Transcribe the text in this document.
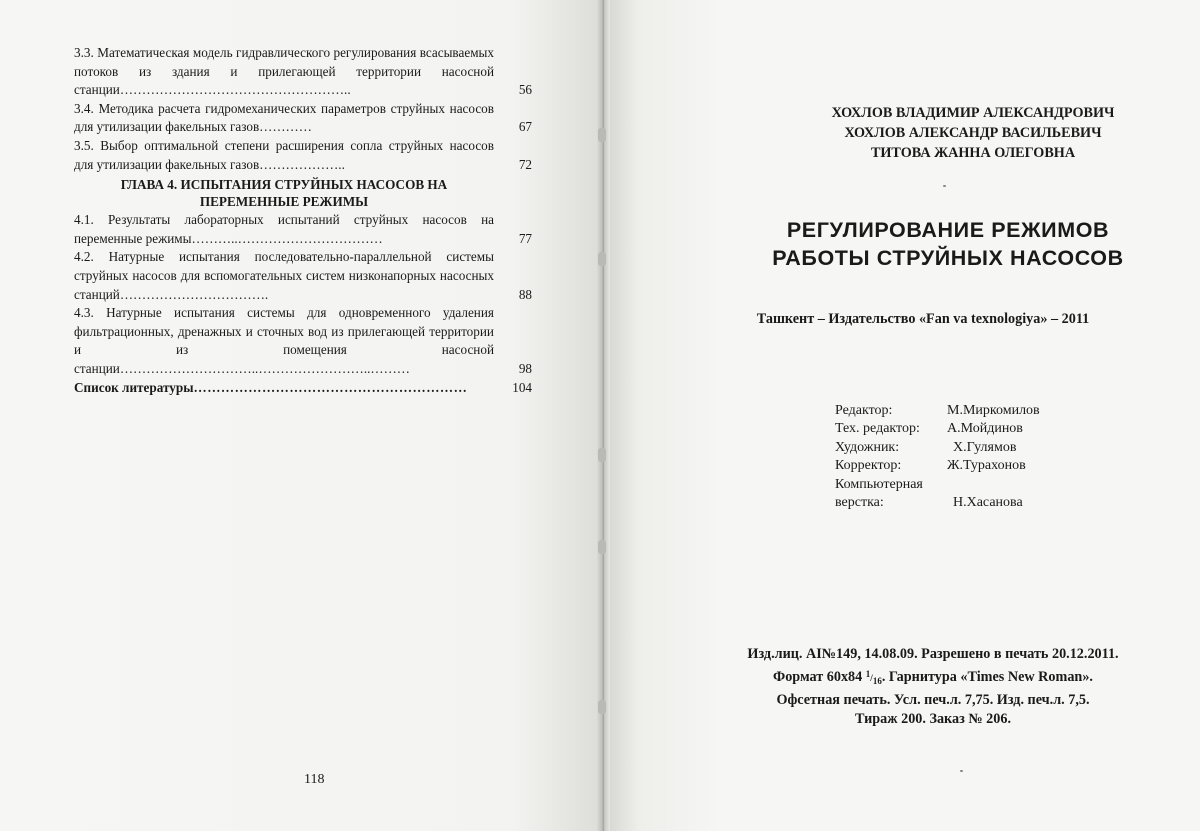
3.3. Математическая модель гидравлического регулирования всасываемых потоков из здания и прилегающей территории насосной станции……………………………………………..	56
3.4. Методика расчета гидромеханических параметров струйных насосов для утилизации факельных газов…………	67
3.5. Выбор оптимальной степени расширения сопла струйных насосов для утилизации факельных газов………………..	72
ГЛАВА 4. ИСПЫТАНИЯ СТРУЙНЫХ НАСОСОВ НА ПЕРЕМЕННЫЕ РЕЖИМЫ
4.1. Результаты лабораторных испытаний струйных насосов на переменные режимы………..……………………………	77
4.2. Натурные испытания последовательно-параллельной системы струйных насосов для вспомогательных систем низконапорных насосных станций…………………………….	88
4.3. Натурные испытания системы для одновременного удаления фильтрационных, дренажных и сточных вод из прилегающей территории и из помещения насосной станции…………………………..……………………..………	98
Список литературы……………………………………………………	104
118
ХОХЛОВ ВЛАДИМИР АЛЕКСАНДРОВИЧ
ХОХЛОВ АЛЕКСАНДР ВАСИЛЬЕВИЧ
ТИТОВА ЖАННА ОЛЕГОВНА
РЕГУЛИРОВАНИЕ РЕЖИМОВ
РАБОТЫ СТРУЙНЫХ НАСОСОВ
Ташкент – Издательство «Fan va texnologiya» – 2011
Редактор:	М.Миркомилов
Тех. редактор:	А.Мойдинов
Художник:	Х.Гулямов
Корректор:	Ж.Турахонов
Компьютерная
верстка:	Н.Хасанова
Изд.лиц. AI№149, 14.08.09. Разрешено в печать 20.12.2011.
Формат 60x84 $^1/_{16}$. Гарнитура «Times New Roman».
Офсетная печать. Усл. печ.л. 7,75. Изд. печ.л. 7,5.
Тираж 200. Заказ № 206.
